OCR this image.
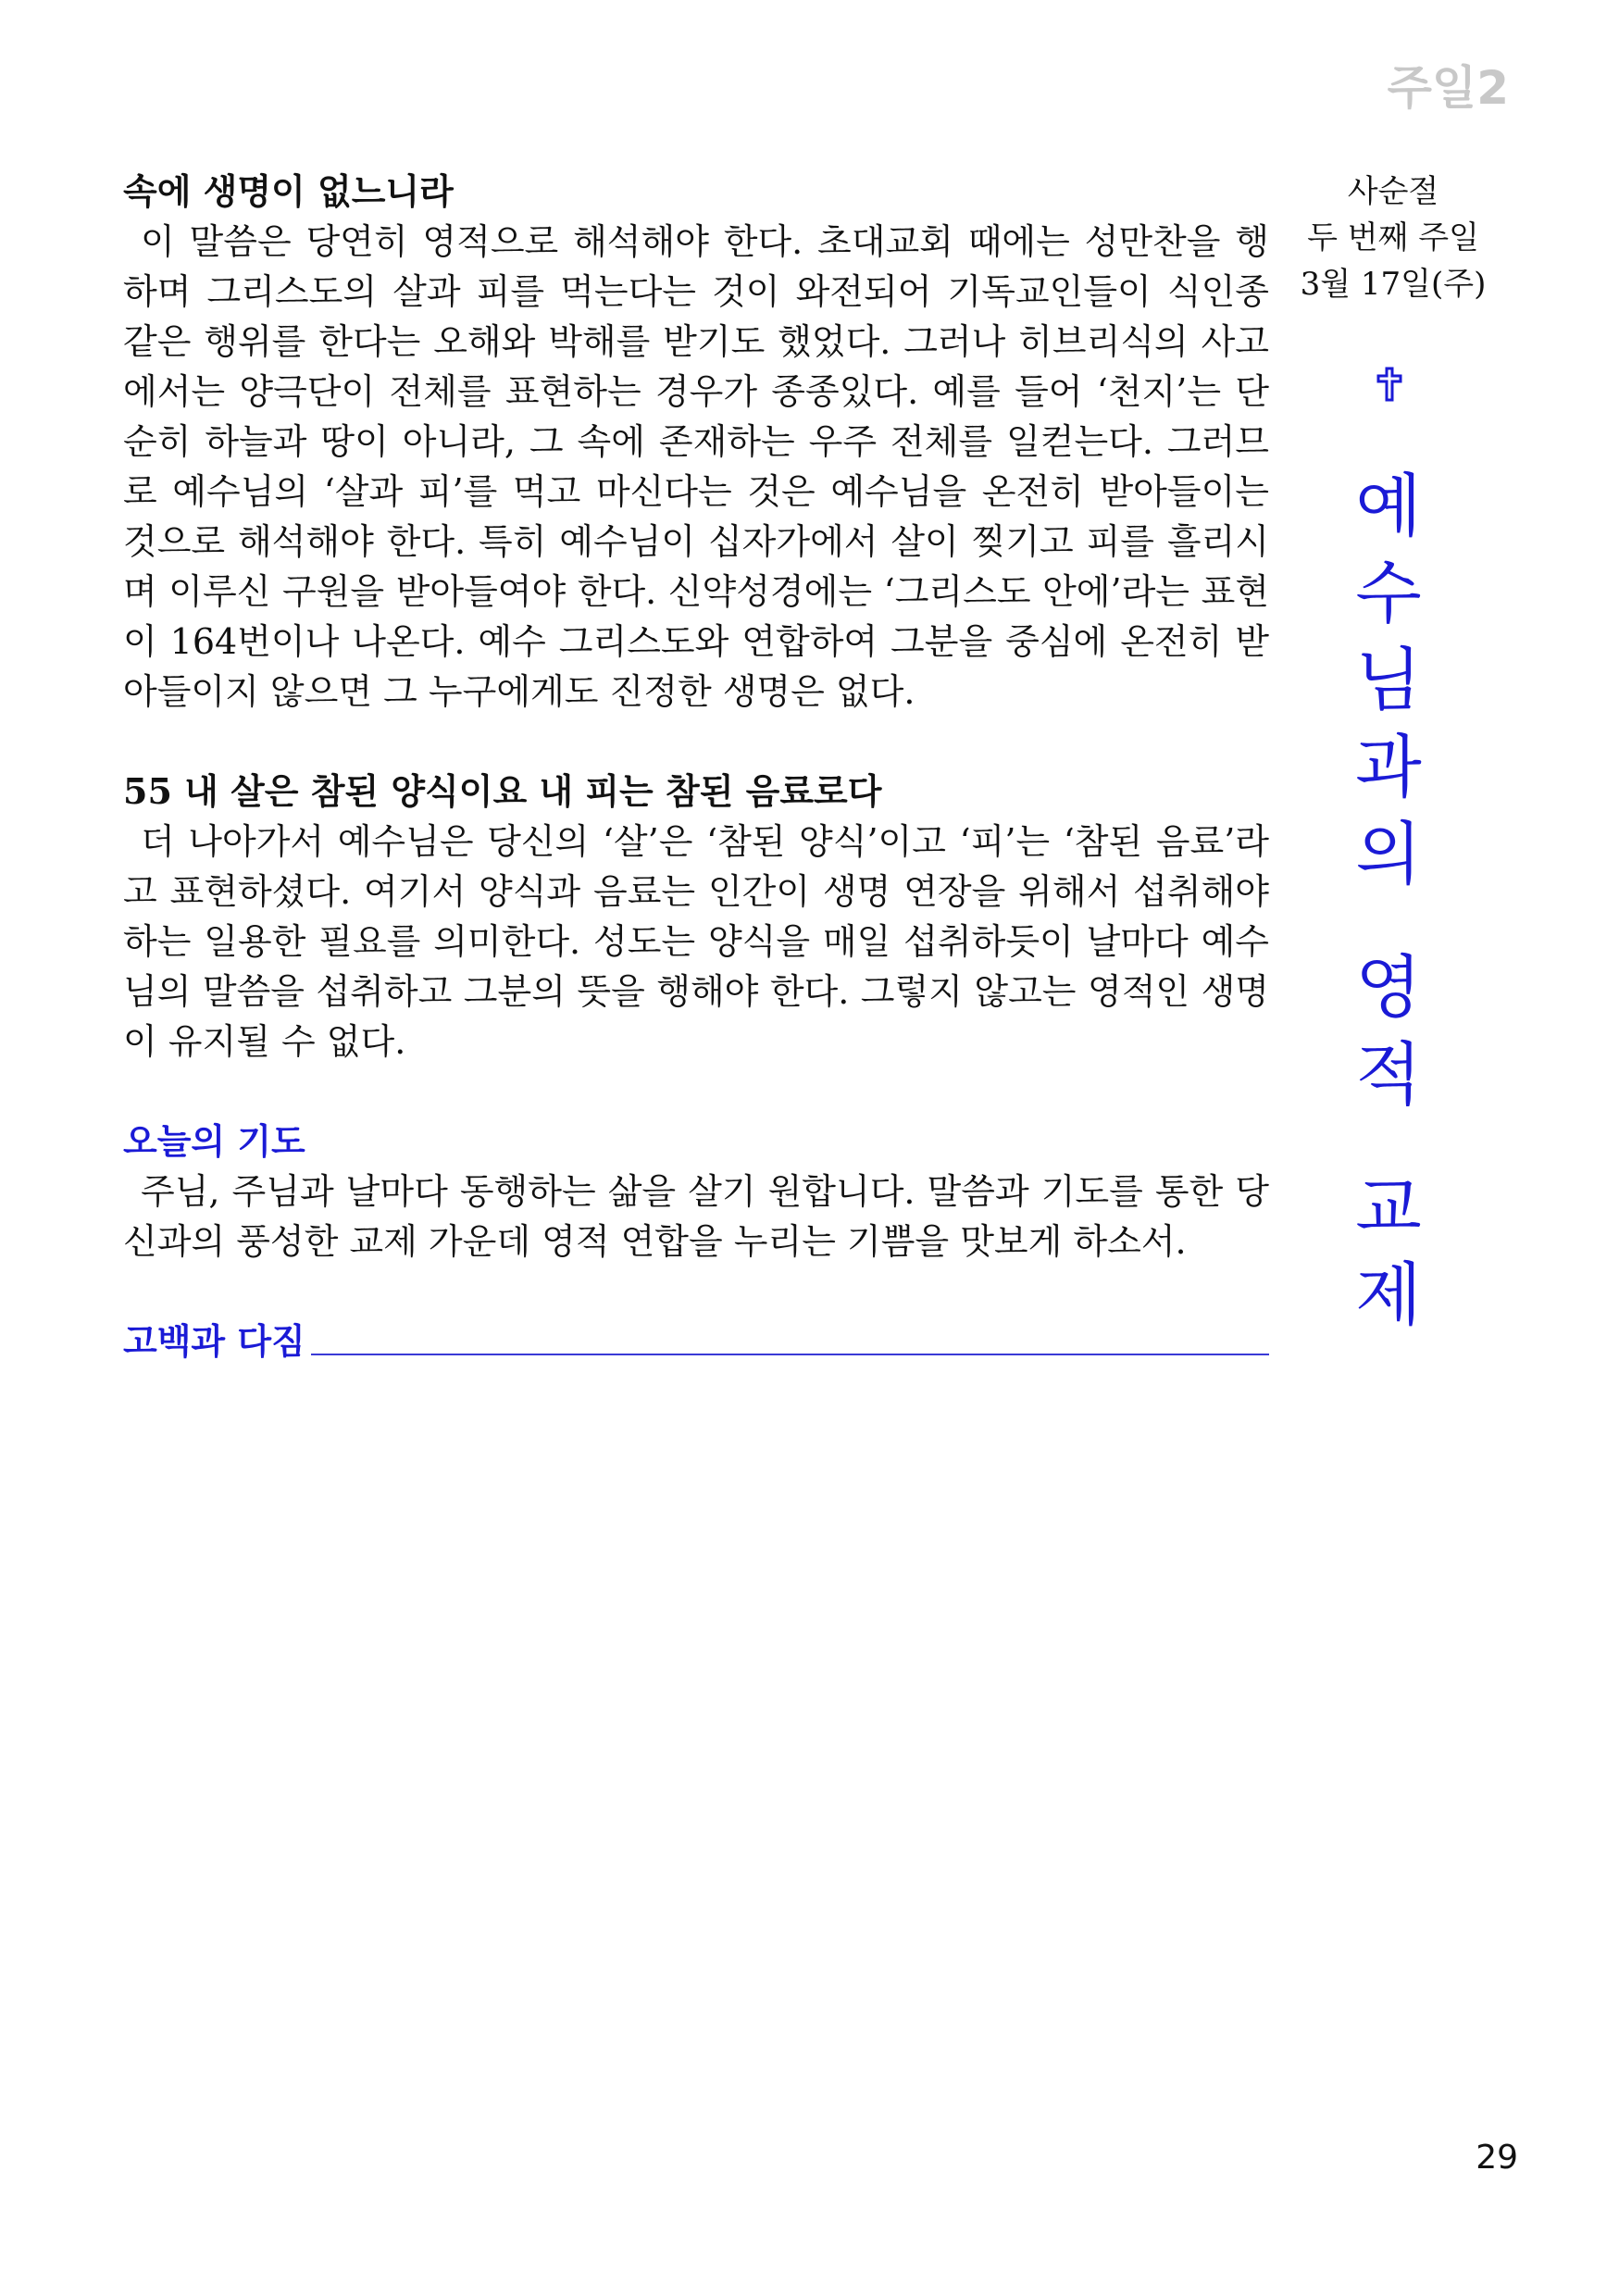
주일2
속에 생명이 없느니라

이 말씀은 당연히 영적으로 해석해야 한다. 초대교회 때에는 성만찬을 행하며 그리스도의 살과 피를 먹는다는 것이 와전되어 기독교인들이 식인종 같은 행위를 한다는 오해와 박해를 받기도 했었다. 그러나 히브리식의 사고에서는 양극단이 전체를 표현하는 경우가 종종있다. 예를 들어 ‘천지’는 단순히 하늘과 땅이 아니라, 그 속에 존재하는 우주 전체를 일컫는다. 그러므로 예수님의 ‘살과 피’를 먹고 마신다는 것은 예수님을 온전히 받아들이는 것으로 해석해야 한다. 특히 예수님이 십자가에서 살이 찢기고 피를 흘리시며 이루신 구원을 받아들여야 한다. 신약성경에는 ‘그리스도 안에’라는 표현이 164번이나 나온다. 예수 그리스도와 연합하여 그분을 중심에 온전히 받아들이지 않으면 그 누구에게도 진정한 생명은 없다.

55 내 살은 참된 양식이요 내 피는 참된 음료로다

더 나아가서 예수님은 당신의 ‘살’은 ‘참된 양식’이고 ‘피’는 ‘참된 음료’라고 표현하셨다. 여기서 양식과 음료는 인간이 생명 연장을 위해서 섭취해야 하는 일용한 필요를 의미한다. 성도는 양식을 매일 섭취하듯이 날마다 예수님의 말씀을 섭취하고 그분의 뜻을 행해야 한다. 그렇지 않고는 영적인 생명이 유지될 수 없다.

오늘의 기도

주님, 주님과 날마다 동행하는 삶을 살기 원합니다. 말씀과 기도를 통한 당신과의 풍성한 교제 가운데 영적 연합을 누리는 기쁨을 맛보게 하소서.

고백과 다짐
사순절
두 번째 주일
3월 17일(주)
예
수
님
과
의
영
적
교
제
29
